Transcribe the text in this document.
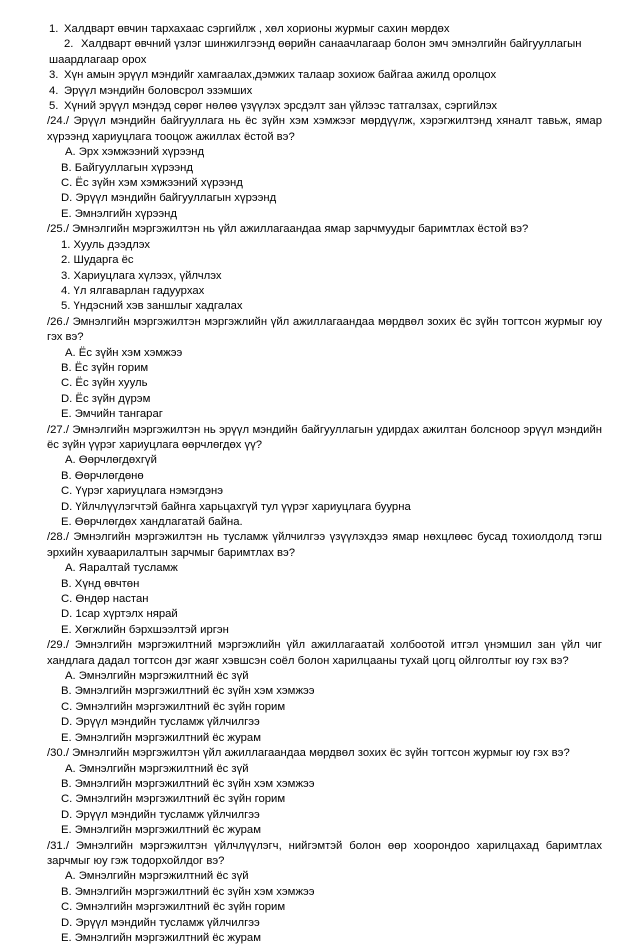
1. Халдварт өвчин тархахаас сэргийлж , хөл хорионы журмыг сахин мөрдөх
2. Халдварт өвчний үзлэг шинжилгээнд өөрийн санаачлагаар болон эмч эмнэлгийн байгууллагын шаардлагаар орох
3. Хүн амын эрүүл мэндийг хамгаалах,дэмжих талаар зохиож байгаа ажилд оролцох
4. Эрүүл мэндийн боловсрол эзэмших
5. Хүний эрүүл мэндэд сөрөг нөлөө үзүүлэх эрсдэлт зан үйлээс татгалзах, сэргийлэх
/24./ Эрүүл мэндийн байгууллага нь ёс зүйн хэм хэмжээг мөрдүүлж, хэрэгжилтэнд хяналт тавьж, ямар хүрээнд хариуцлага тооцож ажиллах ёстой вэ?
А. Эрх хэмжээний хүрээнд
B. Байгууллагын хүрээнд
C. Ёс зүйн хэм хэмжээний хүрээнд
D. Эрүүл мэндийн байгууллагын хүрээнд
E. Эмнэлгийн хүрээнд
/25./ Эмнэлгийн мэргэжилтэн нь үйл ажиллагаандаа ямар зарчмуудыг баримтлах ёстой вэ?
1. Хууль дээдлэх
2. Шударга ёс
3. Хариуцлага хүлээх, үйлчлэх
4. Үл ялгаварлан гадуурхах
5. Үндэсний хэв заншлыг хадгалах
/26./ Эмнэлгийн мэргэжилтэн мэргэжлийн үйл ажиллагаандаа мөрдвөл зохих ёс зүйн тогтсон журмыг юу гэх вэ?
А. Ёс зүйн хэм хэмжээ
B. Ёс зүйн горим
C. Ёс зүйн хууль
D. Ёс зүйн дүрэм
E. Эмчийн тангараг
/27./ Эмнэлгийн мэргэжилтэн нь эрүүл мэндийн байгууллагын удирдах ажилтан болсноор эрүүл мэндийн ёс зүйн үүрэг хариуцлага өөрчлөгдөх үү?
А. Өөрчлөгдөхгүй
B. Өөрчлөгдөнө
C. Үүрэг хариуцлага нэмэгдэнэ
D. Үйлчлүүлэгчтэй байнга харьцахгүй тул үүрэг хариуцлага буурна
E. Өөрчлөгдөх хандлагатай байна.
/28./ Эмнэлгийн мэргэжилтэн нь тусламж үйлчилгээ үзүүлэхдээ ямар нөхцлөөс бусад тохиолдолд тэгш эрхийн хуваарилалтын зарчмыг баримтлах вэ?
А. Яаралтай тусламж
B. Хүнд өвчтөн
C. Өндөр настан
D. 1сар хүртэлх нярай
E. Хөгжлийн бэрхшээлтэй иргэн
/29./ Эмнэлгийн мэргэжилтний мэргэжлийн үйл ажиллагаатай холбоотой итгэл үнэмшил зан үйл чиг хандлага дадал тогтсон дэг жаяг хэвшсэн соёл болон харилцааны тухай цогц ойлголтыг юу гэх вэ?
А. Эмнэлгийн мэргэжилтний ёс зүй
B. Эмнэлгийн мэргэжилтний ёс зүйн хэм хэмжээ
C. Эмнэлгийн мэргэжилтний ёс зүйн горим
D. Эрүүл мэндийн тусламж үйлчилгээ
E. Эмнэлгийн мэргэжилтний ёс журам
/30./ Эмнэлгийн мэргэжилтэн үйл ажиллагаандаа мөрдвөл зохих ёс зүйн тогтсон журмыг юу гэх вэ?
А. Эмнэлгийн мэргэжилтний ёс зүй
B. Эмнэлгийн мэргэжилтний ёс зүйн хэм хэмжээ
C. Эмнэлгийн мэргэжилтний ёс зүйн горим
D. Эрүүл мэндийн тусламж үйлчилгээ
E. Эмнэлгийн мэргэжилтний ёс журам
/31./ Эмнэлгийн мэргэжилтэн үйлчлүүлэгч, нийгэмтэй болон өөр хоорондоо харилцахад баримтлах зарчмыг юу гэж тодорхойлдог вэ?
А. Эмнэлгийн мэргэжилтний ёс зүй
B. Эмнэлгийн мэргэжилтний ёс зүйн хэм хэмжээ
C. Эмнэлгийн мэргэжилтний ёс зүйн горим
D. Эрүүл мэндийн тусламж үйлчилгээ
E. Эмнэлгийн мэргэжилтний ёс журам
